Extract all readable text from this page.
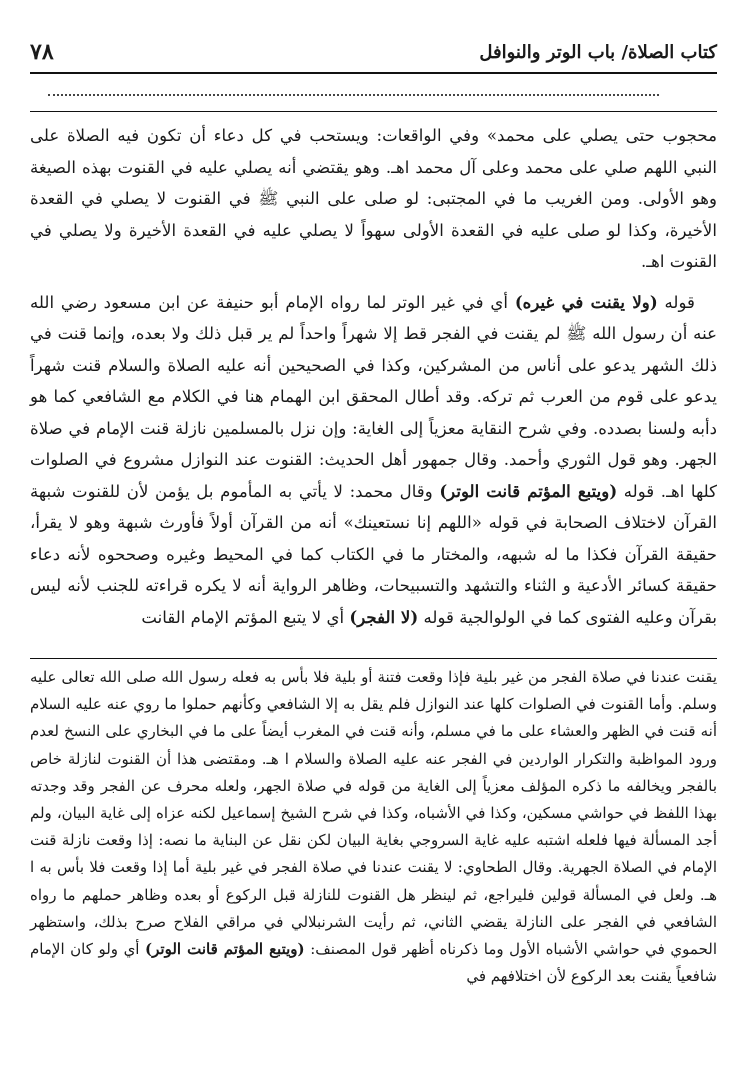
كتاب الصلاة/ باب الوتر والنوافل
٧٨

محجوب حتى يصلي على محمد» وفي الواقعات: ويستحب في كل دعاء أن تكون فيه الصلاة على النبي اللهم صلي على محمد وعلى آل محمد اهـ. وهو يقتضي أنه يصلي عليه في القنوت بهذه الصيغة وهو الأولى. ومن الغريب ما في المجتبى: لو صلى على النبي ﷺ في القنوت لا يصلي في القعدة الأخيرة، وكذا لو صلى عليه في القعدة الأولى سهواً لا يصلي عليه في القعدة الأخيرة ولا يصلي في القنوت اهـ.

قوله (ولا يقنت في غيره) أي في غير الوتر لما رواه الإمام أبو حنيفة عن ابن مسعود رضي الله عنه أن رسول الله ﷺ لم يقنت في الفجر قط إلا شهراً واحداً لم ير قبل ذلك ولا بعده، وإنما قنت في ذلك الشهر يدعو على أناس من المشركين، وكذا في الصحيحين أنه عليه الصلاة والسلام قنت شهراً يدعو على قوم من العرب ثم تركه. وقد أطال المحقق ابن الهمام هنا في الكلام مع الشافعي كما هو دأبه ولسنا بصدده. وفي شرح النقاية معزياً إلى الغاية: وإن نزل بالمسلمين نازلة قنت الإمام في صلاة الجهر. وهو قول الثوري وأحمد. وقال جمهور أهل الحديث: القنوت عند النوازل مشروع في الصلوات كلها اهـ. قوله (ويتبع المؤتم قانت الوتر) وقال محمد: لا يأتي به المأموم بل يؤمن لأن للقنوت شبهة القرآن لاختلاف الصحابة في قوله «اللهم إنا نستعينك» أنه من القرآن أولاً فأورث شبهة وهو لا يقرأ، حقيقة القرآن فكذا ما له شبهه، والمختار ما في الكتاب كما في المحيط وغيره وصححوه لأنه دعاء حقيقة كسائر الأدعية و الثناء والتشهد والتسبيحات، وظاهر الرواية أنه لا يكره قراءته للجنب لأنه ليس بقرآن وعليه الفتوى كما في الولوالجية قوله (لا الفجر) أي لا يتبع المؤتم الإمام القانت

يقنت عندنا في صلاة الفجر من غير بلية فإذا وقعت فتنة أو بلية فلا بأس به فعله رسول الله صلى الله تعالى عليه وسلم. وأما القنوت في الصلوات كلها عند النوازل فلم يقل به إلا الشافعي وكأنهم حملوا ما روي عنه عليه السلام أنه قنت في الظهر والعشاء على ما في مسلم، وأنه قنت في المغرب أيضاً على ما في البخاري على النسخ لعدم ورود المواظبة والتكرار الواردين في الفجر عنه عليه الصلاة والسلام ا هـ. ومقتضى هذا أن القنوت لنازلة خاص بالفجر ويخالفه ما ذكره المؤلف معزياً إلى الغاية من قوله في صلاة الجهر، ولعله محرف عن الفجر وقد وجدته بهذا اللفظ في حواشي مسكين، وكذا في الأشباه، وكذا في شرح الشيخ إسماعيل لكنه عزاه إلى غاية البيان، ولم أجد المسألة فيها فلعله اشتبه عليه غاية السروجي بغاية البيان لكن نقل عن البناية ما نصه: إذا وقعت نازلة قنت الإمام في الصلاة الجهرية. وقال الطحاوي: لا يقنت عندنا في صلاة الفجر في غير بلية أما إذا وقعت فلا بأس به ا هـ. ولعل في المسألة قولين فليراجع، ثم لينظر هل القنوت للنازلة قبل الركوع أو بعده وظاهر حملهم ما رواه الشافعي في الفجر على النازلة يقضي الثاني، ثم رأيت الشرنبلالي في مراقي الفلاح صرح بذلك، واستظهر الحموي في حواشي الأشباه الأول وما ذكرناه أظهر قول المصنف: (ويتبع المؤتم قانت الوتر) أي ولو كان الإمام شافعياً يقنت بعد الركوع لأن اختلافهم في
